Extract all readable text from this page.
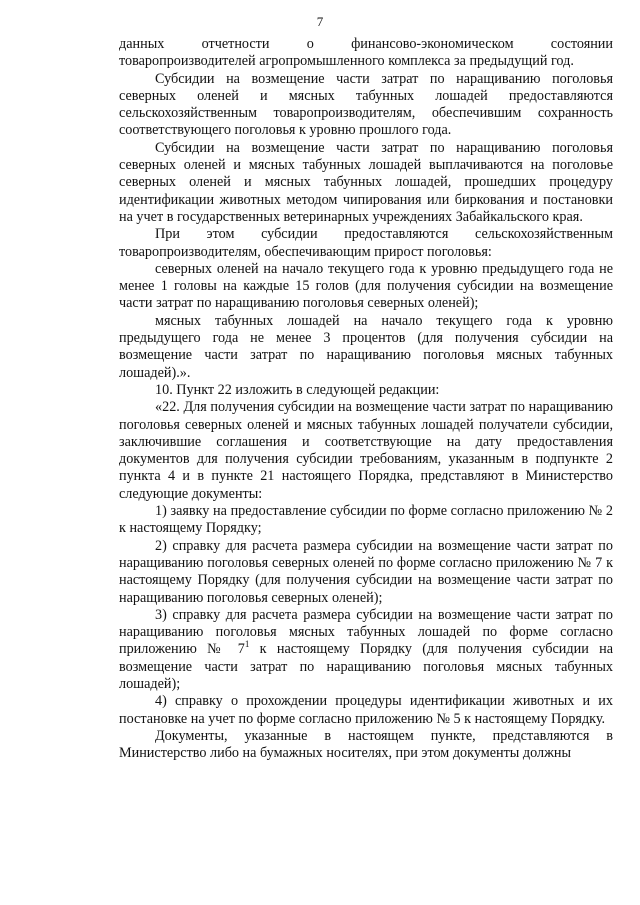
7

данных отчетности о финансово-экономическом состоянии товаропроизводителей агропромышленного комплекса за предыдущий год.

Субсидии на возмещение части затрат по наращиванию поголовья северных оленей и мясных табунных лошадей предоставляются сельскохозяйственным товаропроизводителям, обеспечившим сохранность соответствующего поголовья к уровню прошлого года.

Субсидии на возмещение части затрат по наращиванию поголовья северных оленей и мясных табунных лошадей выплачиваются на поголовье северных оленей и мясных табунных лошадей, прошедших процедуру идентификации животных методом чипирования или биркования и постановки на учет в государственных ветеринарных учреждениях Забайкальского края.

При этом субсидии предоставляются сельскохозяйственным товаропроизводителям, обеспечивающим прирост поголовья:

северных оленей на начало текущего года к уровню предыдущего года не менее 1 головы на каждые 15 голов (для получения субсидии на возмещение части затрат по наращиванию поголовья северных оленей);

мясных табунных лошадей на начало текущего года к уровню предыдущего года не менее 3 процентов (для получения субсидии на возмещение части затрат по наращиванию поголовья мясных табунных лошадей).».

10. Пункт 22 изложить в следующей редакции:

«22. Для получения субсидии на возмещение части затрат по наращиванию поголовья северных оленей и мясных табунных лошадей получатели субсидии, заключившие соглашения и соответствующие на дату предоставления документов для получения субсидии требованиям, указанным в подпункте 2 пункта 4 и в пункте 21 настоящего Порядка, представляют в Министерство следующие документы:

1) заявку на предоставление субсидии по форме согласно приложению № 2 к настоящему Порядку;

2) справку для расчета размера субсидии на возмещение части затрат по наращиванию поголовья северных оленей по форме согласно приложению № 7 к настоящему Порядку (для получения субсидии на возмещение части затрат по наращиванию поголовья северных оленей);

3) справку для расчета размера субсидии на возмещение части затрат по наращиванию поголовья мясных табунных лошадей по форме согласно приложению № $7^1$ к настоящему Порядку (для получения субсидии на возмещение части затрат по наращиванию поголовья мясных табунных лошадей);

4) справку о прохождении процедуры идентификации животных и их постановке на учет по форме согласно приложению № 5 к настоящему Порядку.

Документы, указанные в настоящем пункте, представляются в Министерство либо на бумажных носителях, при этом документы должны
